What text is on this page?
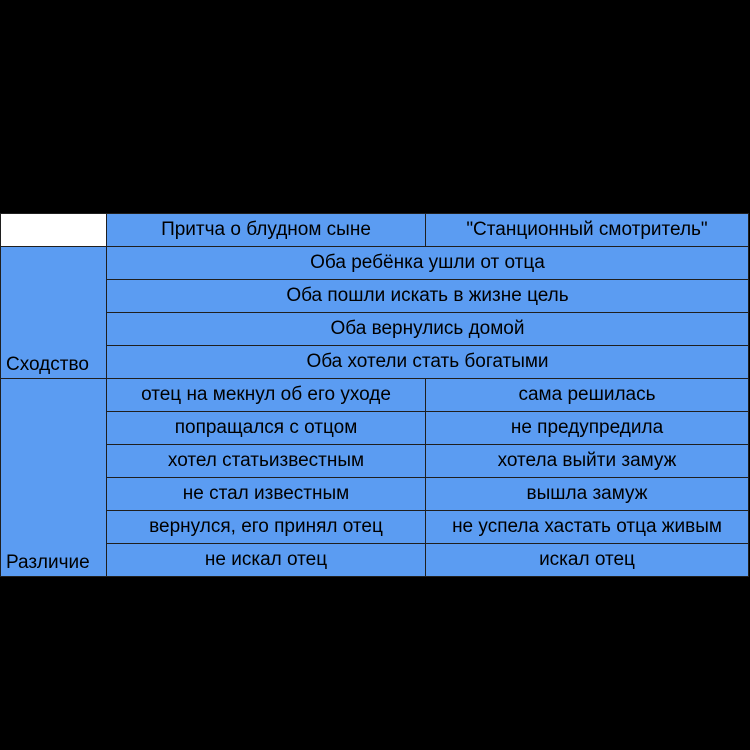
	Притча о блудном сыне	"Станционный смотритель"
Сходство	Оба ребёнка ушли от отца	
	Оба пошли искать в жизне цель	
	Оба вернулись домой	
	Оба хотели стать богатыми	
Различие	отец на мекнул об его уходе	сама решилась
	попращался с отцом	не предупредила
	хотел статьизвестным	хотела выйти замуж
	не стал известным	вышла замуж
	вернулся, его принял отец	не успела хастать отца живым
	не искал отец	искал отец
